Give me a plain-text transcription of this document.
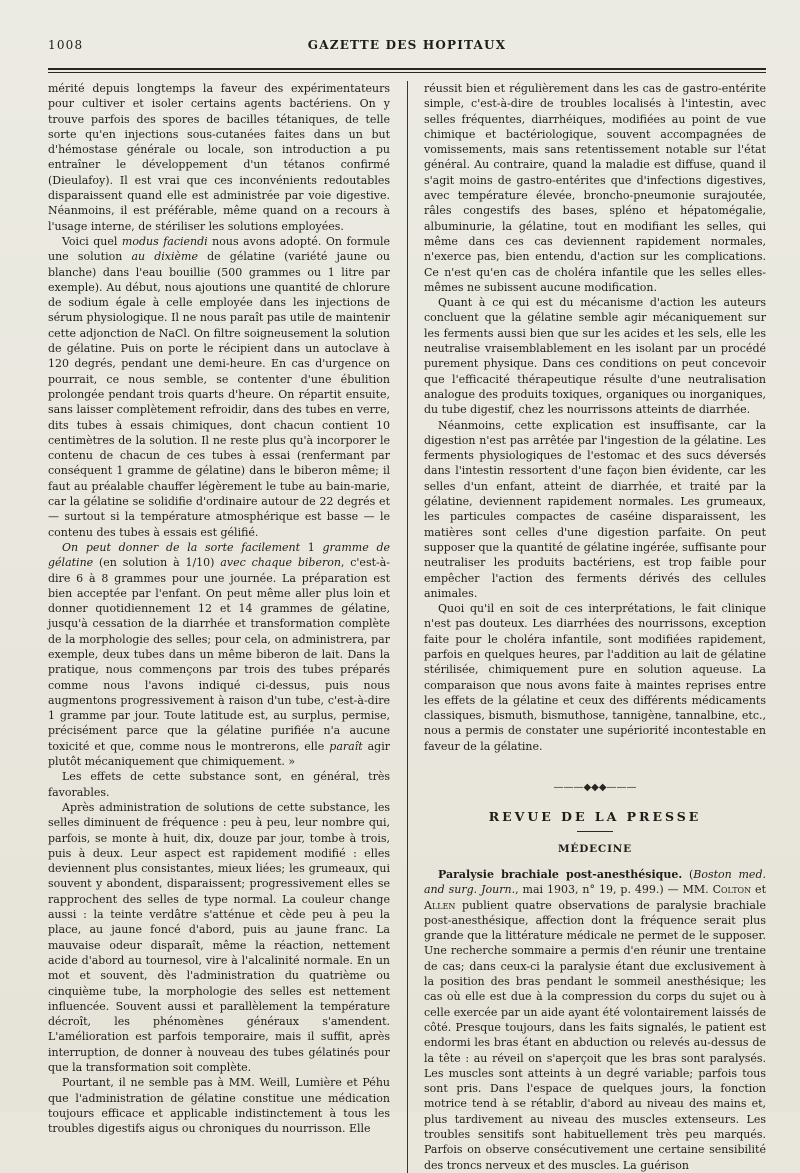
1008	GAZETTE DES HOPITAUX

mérité depuis longtemps la faveur des expérimentateurs pour cultiver et isoler certains agents bactériens. On y trouve parfois des spores de bacilles tétaniques, de telle sorte qu'en injections sous-cutanées faites dans un but d'hémostase générale ou locale, son introduction a pu entraîner le développement d'un tétanos confirmé (Dieulafoy). Il est vrai que ces inconvénients redoutables disparaissent quand elle est administrée par voie digestive. Néanmoins, il est préférable, même quand on a recours à l'usage interne, de stériliser les solutions employées.

Voici quel modus faciendi nous avons adopté. On formule une solution au dixième de gélatine (variété jaune ou blanche) dans l'eau bouillie (500 grammes ou 1 litre par exemple). Au début, nous ajoutions une quantité de chlorure de sodium égale à celle employée dans les injections de sérum physiologique. Il ne nous paraît pas utile de maintenir cette adjonction de NaCl. On filtre soigneusement la solution de gélatine. Puis on porte le récipient dans un autoclave à 120 degrés, pendant une demi-heure. En cas d'urgence on pourrait, ce nous semble, se contenter d'une ébulition prolongée pendant trois quarts d'heure. On répartit ensuite, sans laisser complètement refroidir, dans des tubes en verre, dits tubes à essais chimiques, dont chacun contient 10 centimètres de la solution. Il ne reste plus qu'à incorporer le contenu de chacun de ces tubes à essai (renfermant par conséquent 1 gramme de gélatine) dans le biberon même; il faut au préalable chauffer légèrement le tube au bain-marie, car la gélatine se solidifie d'ordinaire autour de 22 degrés et — surtout si la température atmosphérique est basse — le contenu des tubes à essais est gélifié.

On peut donner de la sorte facilement 1 gramme de gélatine (en solution à 1/10) avec chaque biberon, c'est-à-dire 6 à 8 grammes pour une journée. La préparation est bien acceptée par l'enfant. On peut même aller plus loin et donner quotidiennement 12 et 14 grammes de gélatine, jusqu'à cessation de la diarrhée et transformation complète de la morphologie des selles; pour cela, on administrera, par exemple, deux tubes dans un même biberon de lait. Dans la pratique, nous commençons par trois des tubes préparés comme nous l'avons indiqué ci-dessus, puis nous augmentons progressivement à raison d'un tube, c'est-à-dire 1 gramme par jour. Toute latitude est, au surplus, permise, précisément parce que la gélatine purifiée n'a aucune toxicité et que, comme nous le montrerons, elle paraît agir plutôt mécaniquement que chimiquement. »

Les effets de cette substance sont, en général, très favorables.

Après administration de solutions de cette substance, les selles diminuent de fréquence : peu à peu, leur nombre qui, parfois, se monte à huit, dix, douze par jour, tombe à trois, puis à deux. Leur aspect est rapidement modifié : elles deviennent plus consistantes, mieux liées; les grumeaux, qui souvent y abondent, disparaissent; progressivement elles se rapprochent des selles de type normal. La couleur change aussi : la teinte verdâtre s'atténue et cède peu à peu la place, au jaune foncé d'abord, puis au jaune franc. La mauvaise odeur disparaît, même la réaction, nettement acide d'abord au tournesol, vire à l'alcalinité normale. En un mot et souvent, dès l'administration du quatrième ou cinquième tube, la morphologie des selles est nettement influencée. Souvent aussi et parallèlement la température décroît, les phénomènes généraux s'amendent. L'amélioration est parfois temporaire, mais il suffit, après interruption, de donner à nouveau des tubes gélatinés pour que la transformation soit complète.

Pourtant, il ne semble pas à MM. Weill, Lumière et Péhu que l'administration de gélatine constitue une médication toujours efficace et applicable indistinctement à tous les troubles digestifs aigus ou chroniques du nourrisson. Elle

réussit bien et régulièrement dans les cas de gastro-entérite simple, c'est-à-dire de troubles localisés à l'intestin, avec selles fréquentes, diarrhéiques, modifiées au point de vue chimique et bactériologique, souvent accompagnées de vomissements, mais sans retentissement notable sur l'état général. Au contraire, quand la maladie est diffuse, quand il s'agit moins de gastro-entérites que d'infections digestives, avec température élevée, broncho-pneumonie surajoutée, râles congestifs des bases, spléno et hépatomégalie, albuminurie, la gélatine, tout en modifiant les selles, qui même dans ces cas deviennent rapidement normales, n'exerce pas, bien entendu, d'action sur les complications. Ce n'est qu'en cas de choléra infantile que les selles elles-mêmes ne subissent aucune modification.

Quant à ce qui est du mécanisme d'action les auteurs concluent que la gélatine semble agir mécaniquement sur les ferments aussi bien que sur les acides et les sels, elle les neutralise vraisemblablement en les isolant par un procédé purement physique. Dans ces conditions on peut concevoir que l'efficacité thérapeutique résulte d'une neutralisation analogue des produits toxiques, organiques ou inorganiques, du tube digestif, chez les nourrissons atteints de diarrhée.

Néanmoins, cette explication est insuffisante, car la digestion n'est pas arrêtée par l'ingestion de la gélatine. Les ferments physiologiques de l'estomac et des sucs déversés dans l'intestin ressortent d'une façon bien évidente, car les selles d'un enfant, atteint de diarrhée, et traité par la gélatine, deviennent rapidement normales. Les grumeaux, les particules compactes de caséine disparaissent, les matières sont celles d'une digestion parfaite. On peut supposer que la quantité de gélatine ingérée, suffisante pour neutraliser les produits bactériens, est trop faible pour empêcher l'action des ferments dérivés des cellules animales.

Quoi qu'il en soit de ces interprétations, le fait clinique n'est pas douteux. Les diarrhées des nourrissons, exception faite pour le choléra infantile, sont modifiées rapidement, parfois en quelques heures, par l'addition au lait de gélatine stérilisée, chimiquement pure en solution aqueuse. La comparaison que nous avons faite à maintes reprises entre les effets de la gélatine et ceux des différents médicaments classiques, bismuth, bismuthose, tannigène, tannalbine, etc., nous a permis de constater une supériorité incontestable en faveur de la gélatine.

———◆◆◆———
REVUE DE LA PRESSE
MÉDECINE

Paralysie brachiale post-anesthésique. (Boston med. and surg. Journ., mai 1903, n° 19, p. 499.) — MM. Colton et Allen publient quatre observations de paralysie brachiale post-anesthésique, affection dont la fréquence serait plus grande que la littérature médicale ne permet de le supposer. Une recherche sommaire a permis d'en réunir une trentaine de cas; dans ceux-ci la paralysie étant due exclusivement à la position des bras pendant le sommeil anesthésique; les cas où elle est due à la compression du corps du sujet ou à celle exercée par un aide ayant été volontairement laissés de côté. Presque toujours, dans les faits signalés, le patient est endormi les bras étant en abduction ou relevés au-dessus de la tête : au réveil on s'aperçoit que les bras sont paralysés. Les muscles sont atteints à un degré variable; parfois tous sont pris. Dans l'espace de quelques jours, la fonction motrice tend à se rétablir, d'abord au niveau des mains et, plus tardivement au niveau des muscles extenseurs. Les troubles sensitifs sont habituellement très peu marqués. Parfois on observe consécutivement une certaine sensibilité des troncs nerveux et des muscles. La guérison
